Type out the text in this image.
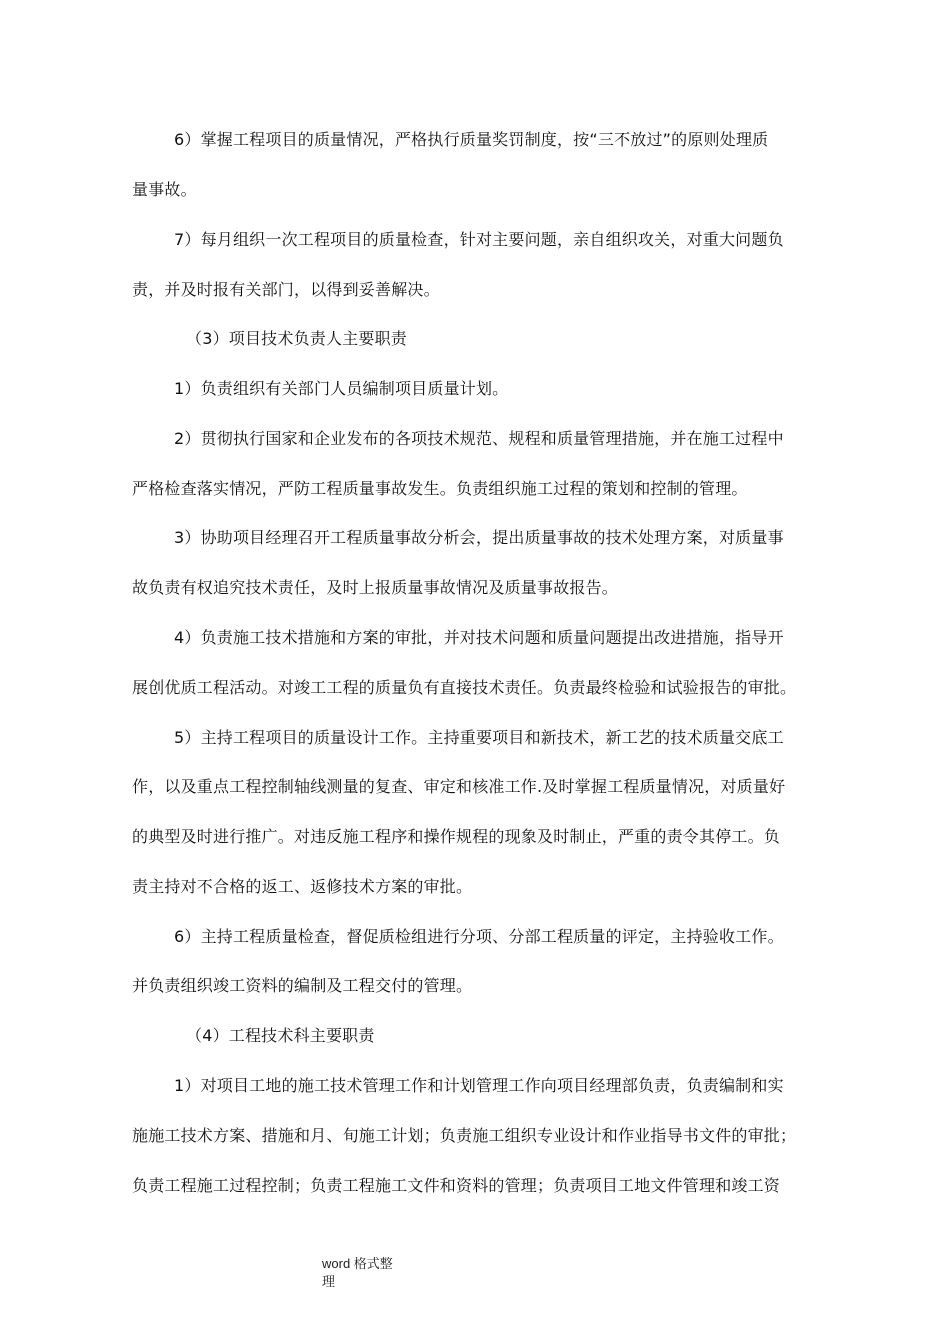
6）掌握工程项目的质量情况，严格执行质量奖罚制度，按“三不放过”的原则处理质
量事故。
7）每月组织一次工程项目的质量检查，针对主要问题，亲自组织攻关，对重大问题负
责，并及时报有关部门，以得到妥善解决。
（3）项目技术负责人主要职责
1）负责组织有关部门人员编制项目质量计划。
2）贯彻执行国家和企业发布的各项技术规范、规程和质量管理措施，并在施工过程中
严格检查落实情况，严防工程质量事故发生。负责组织施工过程的策划和控制的管理。
3）协助项目经理召开工程质量事故分析会，提出质量事故的技术处理方案，对质量事
故负责有权追究技术责任，及时上报质量事故情况及质量事故报告。
4）负责施工技术措施和方案的审批，并对技术问题和质量问题提出改进措施，指导开
展创优质工程活动。对竣工工程的质量负有直接技术责任。负责最终检验和试验报告的审批。
5）主持工程项目的质量设计工作。主持重要项目和新技术，新工艺的技术质量交底工
作，以及重点工程控制轴线测量的复查、审定和核准工作.及时掌握工程质量情况，对质量好
的典型及时进行推广。对违反施工程序和操作规程的现象及时制止，严重的责令其停工。负
责主持对不合格的返工、返修技术方案的审批。
6）主持工程质量检查，督促质检组进行分项、分部工程质量的评定，主持验收工作。
并负责组织竣工资料的编制及工程交付的管理。
（4）工程技术科主要职责
1）对项目工地的施工技术管理工作和计划管理工作向项目经理部负责，负责编制和实
施施工技术方案、措施和月、旬施工计划；负责施工组织专业设计和作业指导书文件的审批；
负责工程施工过程控制；负责工程施工文件和资料的管理；负责项目工地文件管理和竣工资
word 格式整
理
